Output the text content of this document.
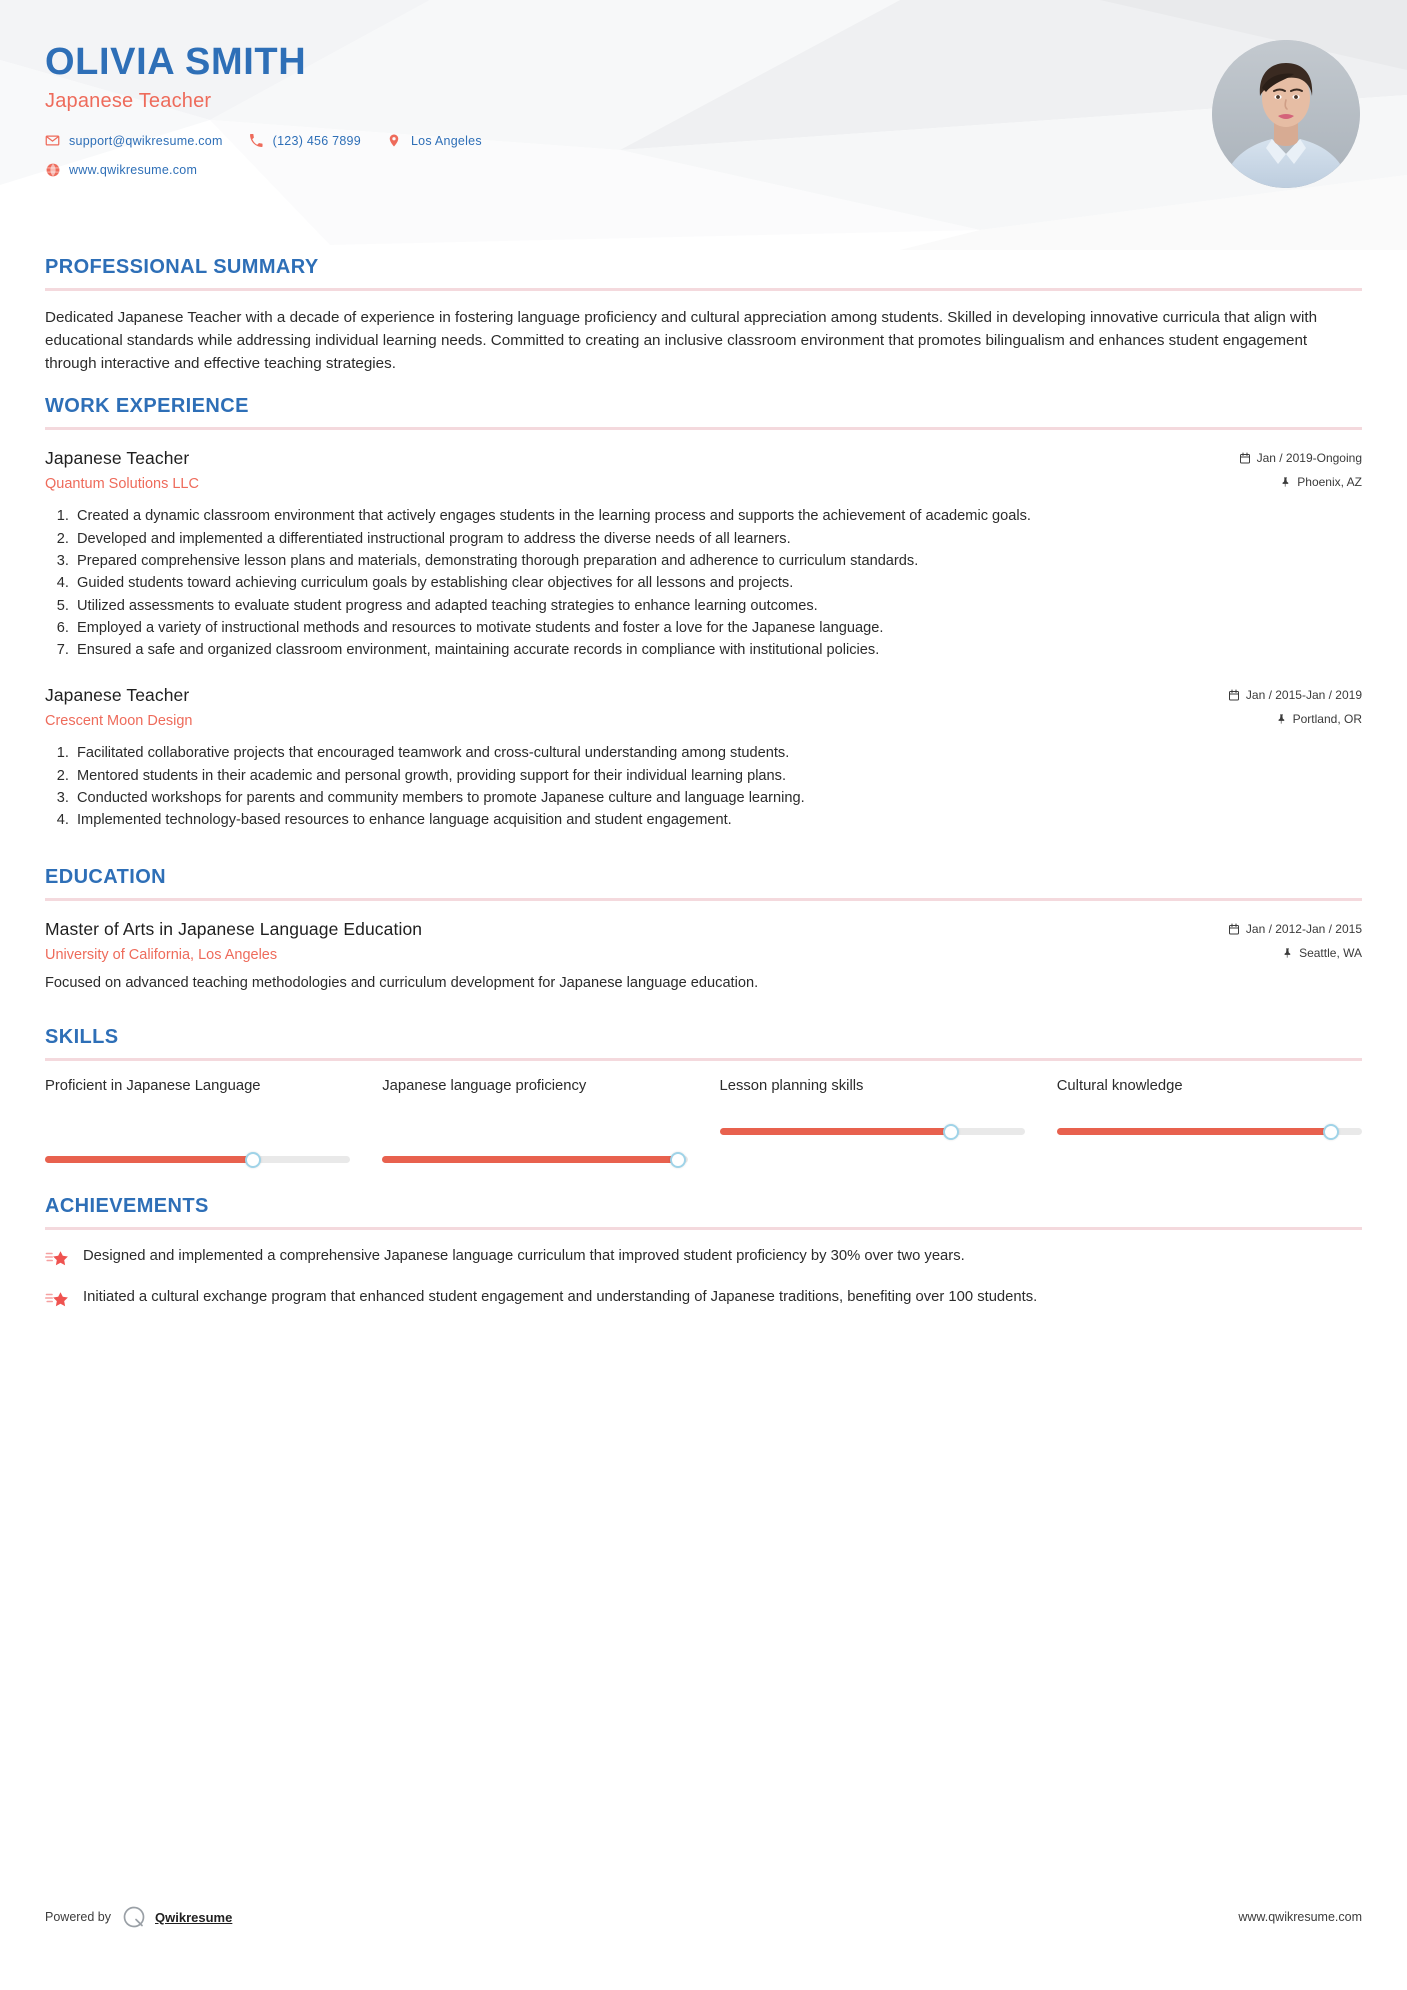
OLIVIA SMITH
Japanese Teacher
support@qwikresume.com	(123) 456 7899	Los Angeles
www.qwikresume.com
PROFESSIONAL SUMMARY

Dedicated Japanese Teacher with a decade of experience in fostering language proficiency and cultural appreciation among students. Skilled in developing innovative curricula that align with educational standards while addressing individual learning needs. Committed to creating an inclusive classroom environment that promotes bilingualism and enhances student engagement through interactive and effective teaching strategies.

WORK EXPERIENCE
Japanese Teacher	Jan / 2019-Ongoing
Quantum Solutions LLC	Phoenix, AZ
1. Created a dynamic classroom environment that actively engages students in the learning process and supports the achievement of academic goals.
2. Developed and implemented a differentiated instructional program to address the diverse needs of all learners.
3. Prepared comprehensive lesson plans and materials, demonstrating thorough preparation and adherence to curriculum standards.
4. Guided students toward achieving curriculum goals by establishing clear objectives for all lessons and projects.
5. Utilized assessments to evaluate student progress and adapted teaching strategies to enhance learning outcomes.
6. Employed a variety of instructional methods and resources to motivate students and foster a love for the Japanese language.
7. Ensured a safe and organized classroom environment, maintaining accurate records in compliance with institutional policies.
Japanese Teacher	Jan / 2015-Jan / 2019
Crescent Moon Design	Portland, OR
1. Facilitated collaborative projects that encouraged teamwork and cross-cultural understanding among students.
2. Mentored students in their academic and personal growth, providing support for their individual learning plans.
3. Conducted workshops for parents and community members to promote Japanese culture and language learning.
4. Implemented technology-based resources to enhance language acquisition and student engagement.
EDUCATION
Master of Arts in Japanese Language Education	Jan / 2012-Jan / 2015
University of California, Los Angeles	Seattle, WA
Focused on advanced teaching methodologies and curriculum development for Japanese language education.
SKILLS
Proficient in Japanese Language	Japanese language proficiency	Lesson planning skills	Cultural knowledge
ACHIEVEMENTS
Designed and implemented a comprehensive Japanese language curriculum that improved student proficiency by 30% over two years.
Initiated a cultural exchange program that enhanced student engagement and understanding of Japanese traditions, benefiting over 100 students.
Powered by	Qwikresume	www.qwikresume.com
